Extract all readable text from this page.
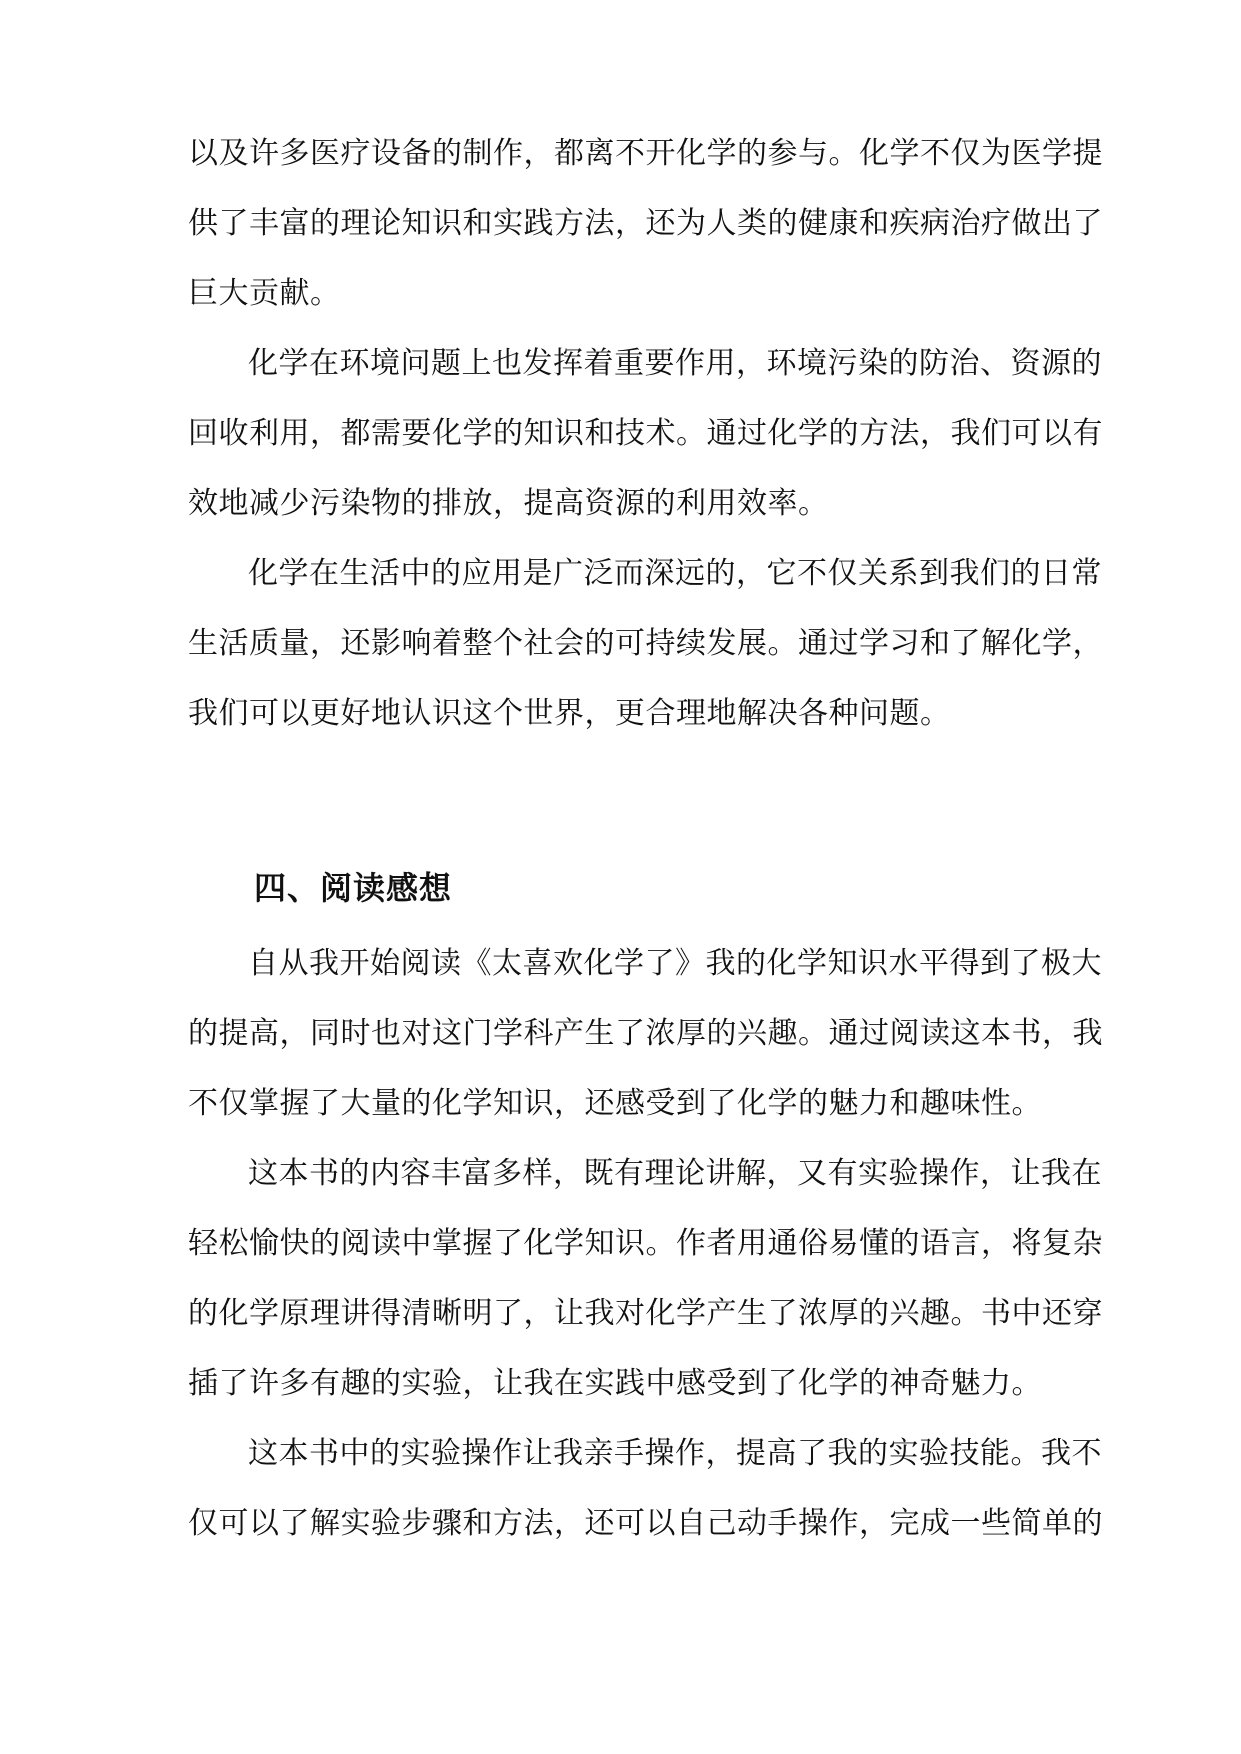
以及许多医疗设备的制作，都离不开化学的参与。化学不仅为医学提
供了丰富的理论知识和实践方法，还为人类的健康和疾病治疗做出了
巨大贡献。
化学在环境问题上也发挥着重要作用，环境污染的防治、资源的
回收利用，都需要化学的知识和技术。通过化学的方法，我们可以有
效地减少污染物的排放，提高资源的利用效率。
化学在生活中的应用是广泛而深远的，它不仅关系到我们的日常
生活质量，还影响着整个社会的可持续发展。通过学习和了解化学，
我们可以更好地认识这个世界，更合理地解决各种问题。
四、阅读感想
自从我开始阅读《太喜欢化学了》我的化学知识水平得到了极大
的提高，同时也对这门学科产生了浓厚的兴趣。通过阅读这本书，我
不仅掌握了大量的化学知识，还感受到了化学的魅力和趣味性。
这本书的内容丰富多样，既有理论讲解，又有实验操作，让我在
轻松愉快的阅读中掌握了化学知识。作者用通俗易懂的语言，将复杂
的化学原理讲得清晰明了，让我对化学产生了浓厚的兴趣。书中还穿
插了许多有趣的实验，让我在实践中感受到了化学的神奇魅力。
这本书中的实验操作让我亲手操作，提高了我的实验技能。我不
仅可以了解实验步骤和方法，还可以自己动手操作，完成一些简单的
